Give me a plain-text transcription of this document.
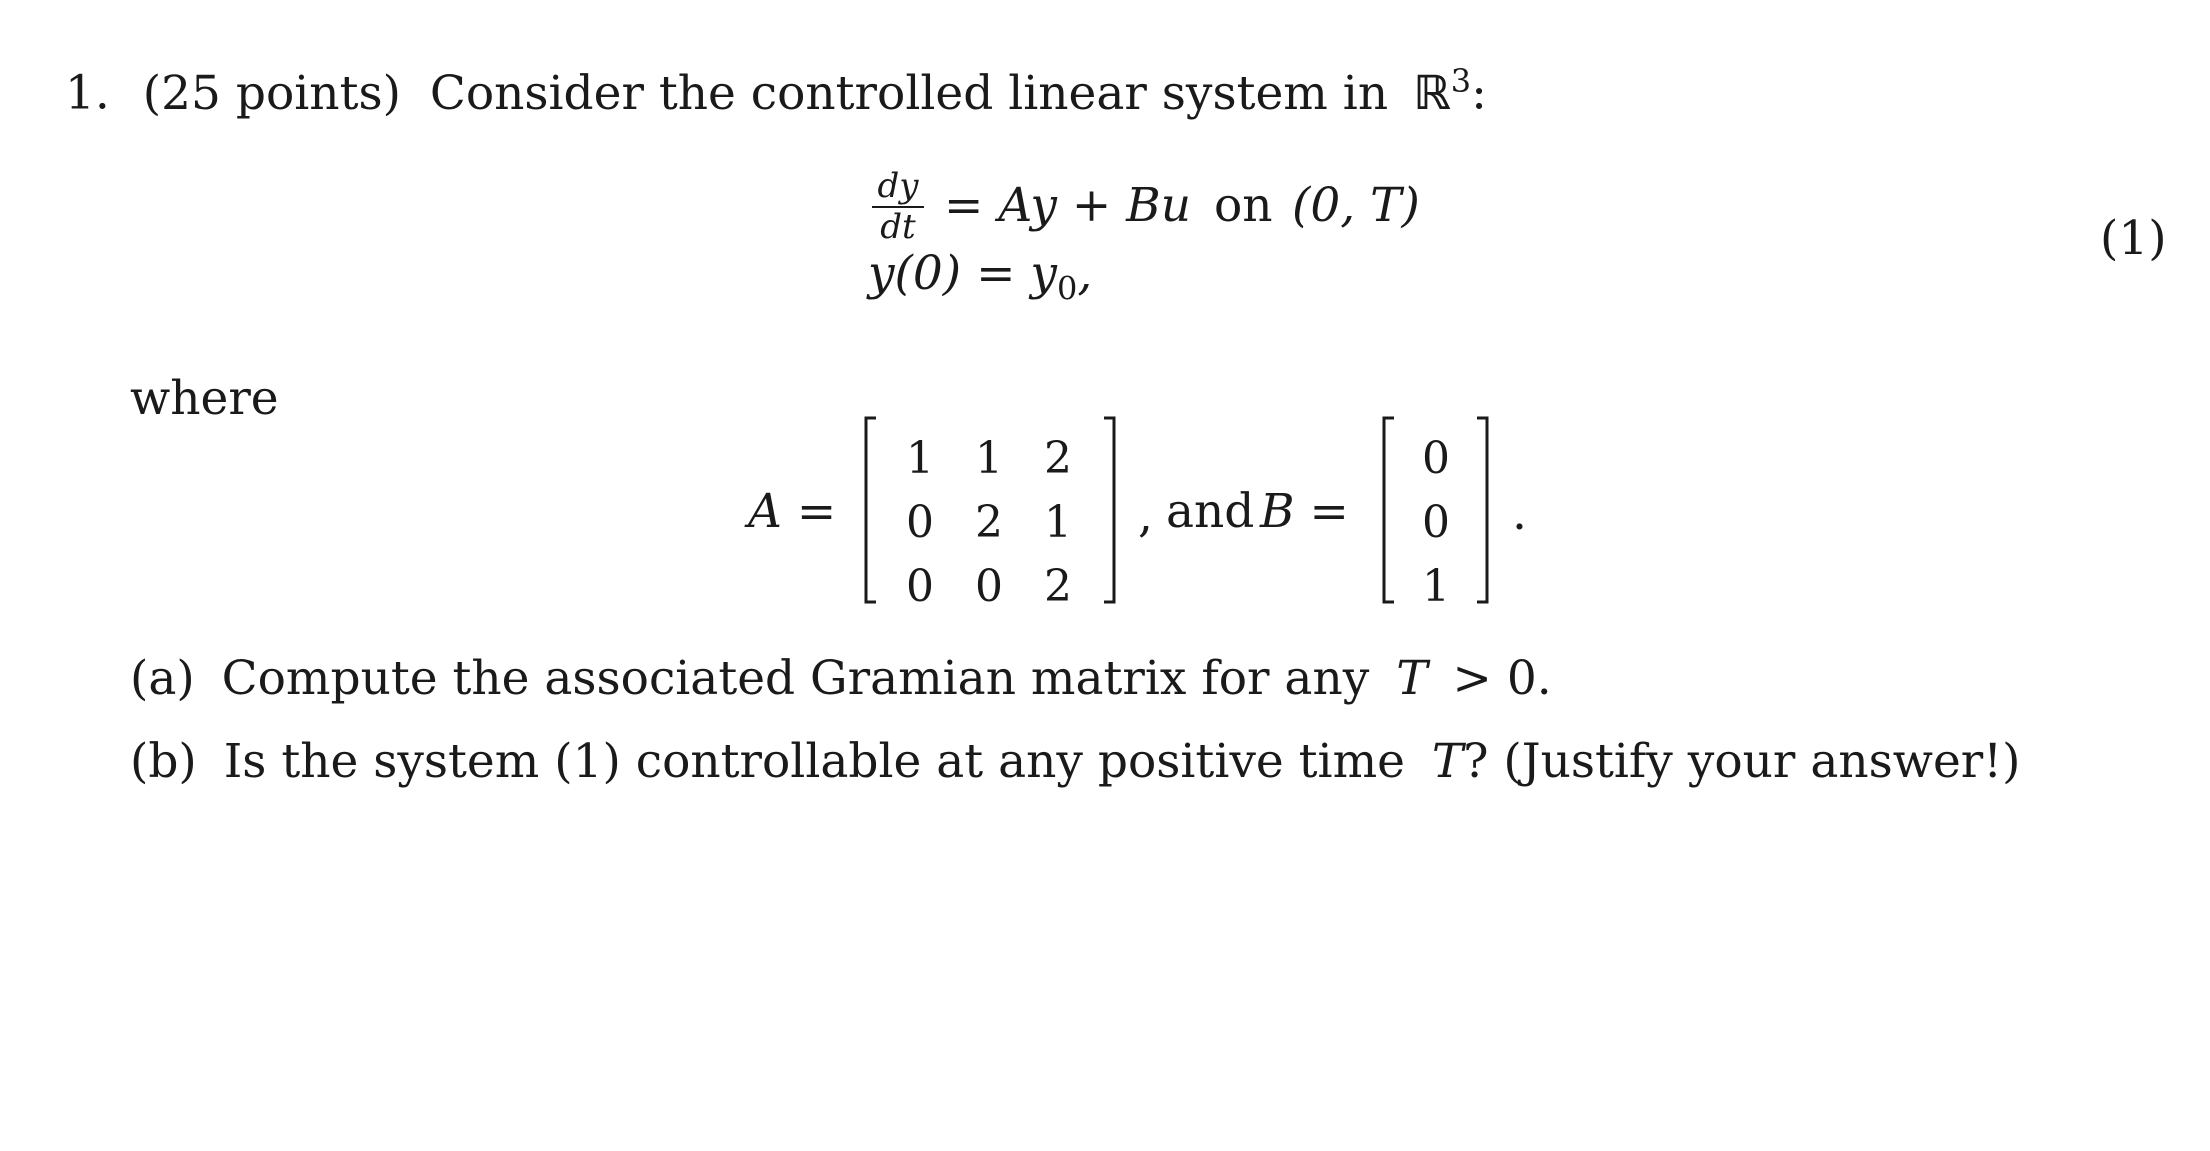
1. (25 points) Consider the controlled linear system in ℝ$^3$:
dy
dt = Ay + Bu on (0, T)
$y(0) = y_0$,
(1)
where
A =
1 1 2
0 2 1
0 0 2
, and B =
0
0
1
.
(a) Compute the associated Gramian matrix for any T > 0.
(b) Is the system (1) controllable at any positive time T? (Justify your answer!)
